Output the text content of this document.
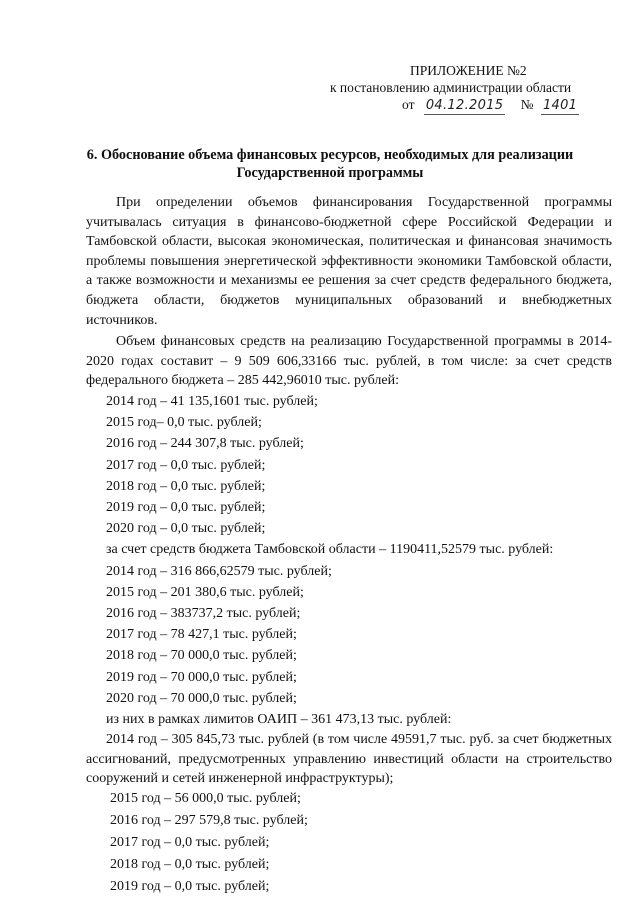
ПРИЛОЖЕНИЕ №2
к постановлению администрации области
от 04.12.2015 № 1401
6. Обоснование объема финансовых ресурсов, необходимых для реализации Государственной программы

При определении объемов финансирования Государственной программы учитывалась ситуация в финансово-бюджетной сфере Российской Федерации и Тамбовской области, высокая экономическая, политическая и финансовая значимость проблемы повышения энергетической эффективности экономики Тамбовской области, а также возможности и механизмы ее решения за счет средств федерального бюджета, бюджета области, бюджетов муниципальных образований и внебюджетных источников.

Объем финансовых средств на реализацию Государственной программы в 2014-2020 годах составит – 9 509 606,33166 тыс. рублей, в том числе: за счет средств федерального бюджета – 285 442,96010 тыс. рублей:

2014 год – 41 135,1601 тыс. рублей;

2015 год– 0,0 тыс. рублей;

2016 год – 244 307,8 тыс. рублей;

2017 год – 0,0 тыс. рублей;

2018 год – 0,0 тыс. рублей;

2019 год – 0,0 тыс. рублей;

2020 год – 0,0 тыс. рублей;

за счет средств бюджета Тамбовской области – 1190411,52579 тыс. рублей:

2014 год – 316 866,62579 тыс. рублей;

2015 год – 201 380,6 тыс. рублей;

2016 год – 383737,2 тыс. рублей;

2017 год – 78 427,1 тыс. рублей;

2018 год – 70 000,0 тыс. рублей;

2019 год – 70 000,0 тыс. рублей;

2020 год – 70 000,0 тыс. рублей;

из них в рамках лимитов ОАИП – 361 473,13 тыс. рублей:

2014 год – 305 845,73 тыс. рублей (в том числе 49591,7 тыс. руб. за счет бюджетных ассигнований, предусмотренных управлению инвестиций области на строительство сооружений и сетей инженерной инфраструктуры);

2015 год – 56 000,0 тыс. рублей;

2016 год – 297 579,8 тыс. рублей;

2017 год – 0,0 тыс. рублей;

2018 год – 0,0 тыс. рублей;

2019 год – 0,0 тыс. рублей;
